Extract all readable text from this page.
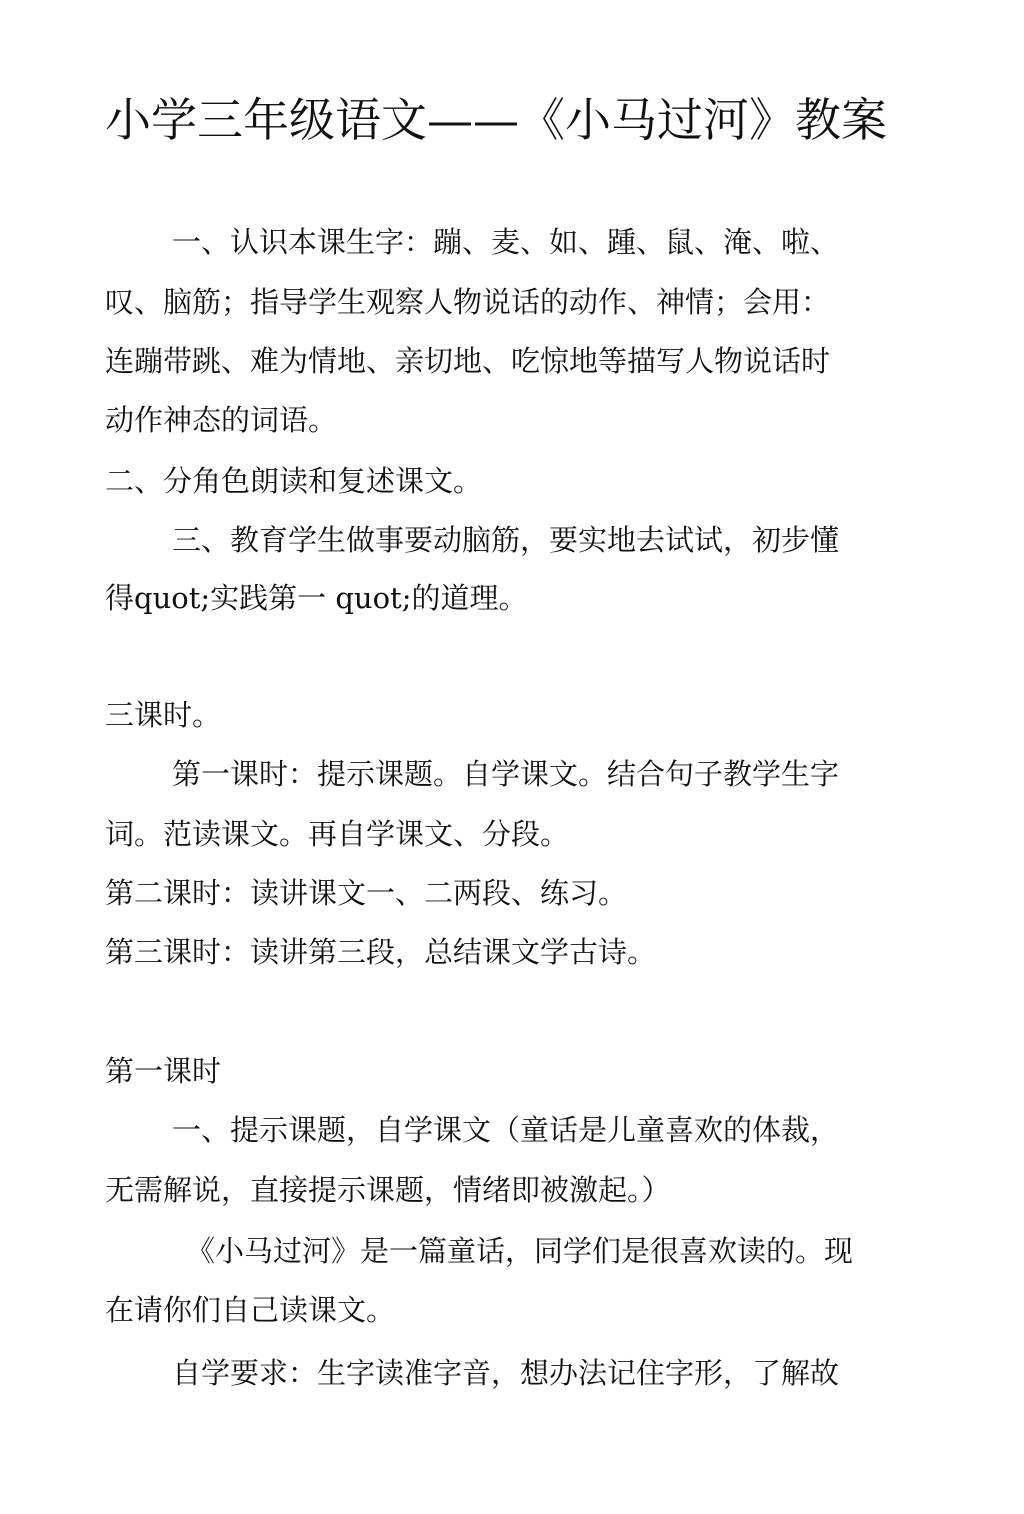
小学三年级语文——《小马过河》教案
一、认识本课生字：蹦、麦、如、踵、鼠、淹、啦、
叹、脑筋；指导学生观察人物说话的动作、神情；会用：
连蹦带跳、难为情地、亲切地、吃惊地等描写人物说话时
动作神态的词语。
二、分角色朗读和复述课文。
三、教育学生做事要动脑筋，要实地去试试，初步懂
得quot;实践第一 quot;的道理。
三课时。
第一课时：提示课题。自学课文。结合句子教学生字
词。范读课文。再自学课文、分段。
第二课时：读讲课文一、二两段、练习。
第三课时：读讲第三段，总结课文学古诗。
第一课时
一、提示课题，自学课文（童话是儿童喜欢的体裁，
无需解说，直接提示课题，情绪即被激起。）
《小马过河》是一篇童话，同学们是很喜欢读的。现
在请你们自己读课文。
自学要求：生字读准字音，想办法记住字形，了解故
